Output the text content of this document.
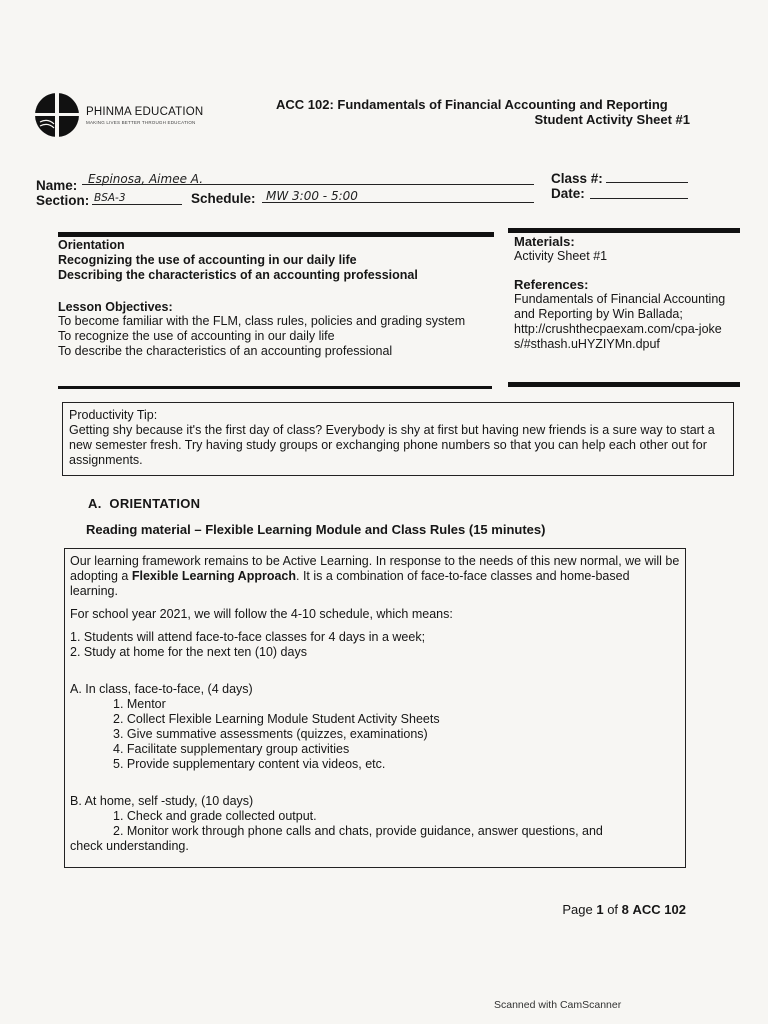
PHINMA EDUCATION
MAKING LIVES BETTER THROUGH EDUCATION
ACC 102: Fundamentals of Financial Accounting and Reporting
Student Activity Sheet #1
Name: Espinosa, Aimee A.
Section: BSA-3	Schedule: MW 3:00 - 5:00
Class #:
Date:
Orientation
Recognizing the use of accounting in our daily life
Describing the characteristics of an accounting professional
Lesson Objectives:
To become familiar with the FLM, class rules, policies and grading system
To recognize the use of accounting in our daily life
To describe the characteristics of an accounting professional
Materials:
Activity Sheet #1
References:
Fundamentals of Financial Accounting and Reporting by Win Ballada;
http://crushthecpaexam.com/cpa-jokes/#sthash.uHYZIYMn.dpuf
Productivity Tip:
Getting shy because it's the first day of class? Everybody is shy at first but having new friends is a sure way to start a new semester fresh. Try having study groups or exchanging phone numbers so that you can help each other out for assignments.
A.  ORIENTATION
Reading material – Flexible Learning Module and Class Rules (15 minutes)

Our learning framework remains to be Active Learning. In response to the needs of this new normal, we will be adopting a Flexible Learning Approach. It is a combination of face-to-face classes and home-based learning.

For school year 2021, we will follow the 4-10 schedule, which means:

1. Students will attend face-to-face classes for 4 days in a week;

2. Study at home for the next ten (10) days

A. In class, face-to-face, (4 days)

1. Mentor

2. Collect Flexible Learning Module Student Activity Sheets

3. Give summative assessments (quizzes, examinations)

4. Facilitate supplementary group activities

5. Provide supplementary content via videos, etc.

B. At home, self -study, (10 days)

1. Check and grade collected output.

2. Monitor work through phone calls and chats, provide guidance, answer questions, and

check understanding.

Page 1 of 8 ACC 102
Scanned with CamScanner
